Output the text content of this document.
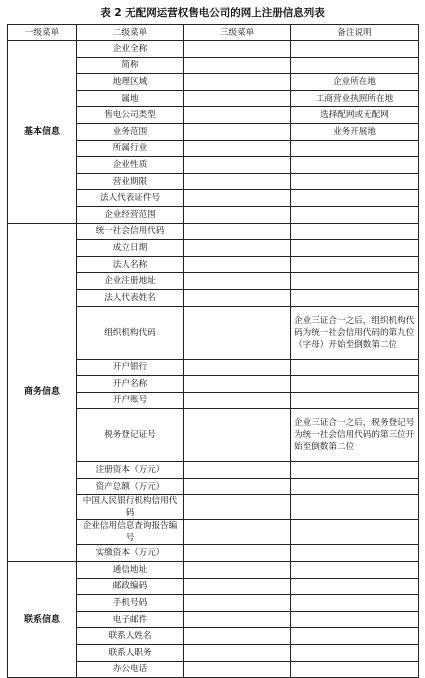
表 2 无配网运营权售电公司的网上注册信息列表
一级菜单	二级菜单	三级菜单	备注说明
基本信息	企业全称		
	简称		
	地理区域		企业所在地
	属地		工商营业执照所在地
	售电公司类型		选择配网或无配网
	业务范围		业务开展地
	所属行业		
	企业性质		
	营业期限		
	法人代表证件号		
	企业经营范围		
商务信息	统一社会信用代码		
	成立日期		
	法人名称		
	企业注册地址		
	法人代表姓名		
	组织机构代码		企业三证合一之后，组织机构代码为统一社会信用代码的第九位（字母）开始至倒数第二位
	开户银行		
	开户名称		
	开户账号		
	税务登记证号		企业三证合一之后，税务登记号为统一社会信用代码的第三位开始至倒数第二位
	注册资本（万元）		
	资产总额（万元）		
	中国人民银行机构信用代码		
	企业信用信息查询报告编号		
	实缴资本（万元）		
联系信息	通信地址		
	邮政编码		
	手机号码		
	电子邮件		
	联系人姓名		
	联系人职务		
	办公电话		
